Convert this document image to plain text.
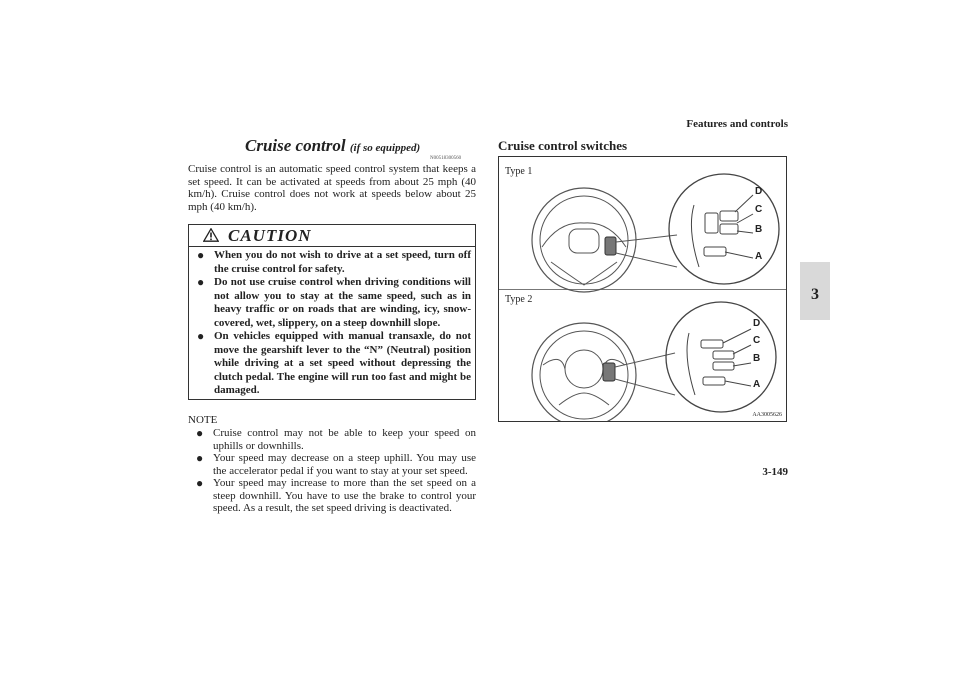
Features and controls
3
3-149
Cruise control (if so equipped)
N00518300560
Cruise control is an automatic speed control system that keeps a set speed. It can be activated at speeds from about 25 mph (40 km/h). Cruise control does not work at speeds below about 25 mph (40 km/h).
CAUTION
● When you do not wish to drive at a set speed, turn off the cruise control for safety.
● Do not use cruise control when driving conditions will not allow you to stay at the same speed, such as in heavy traffic or on roads that are winding, icy, snow-covered, wet, slippery, on a steep downhill slope.
● On vehicles equipped with manual transaxle, do not move the gearshift lever to the “N” (Neutral) position while driving at a set speed without depressing the clutch pedal. The engine will run too fast and might be damaged.
NOTE
● Cruise control may not be able to keep your speed on uphills or downhills.
● Your speed may decrease on a steep uphill. You may use the accelerator pedal if you want to stay at your set speed.
● Your speed may increase to more than the set speed on a steep downhill. You have to use the brake to control your speed. As a result, the set speed driving is deactivated.
Cruise control switches
Type 1
Type 2
D
C
B
A
D
C
B
A
AA3005626
